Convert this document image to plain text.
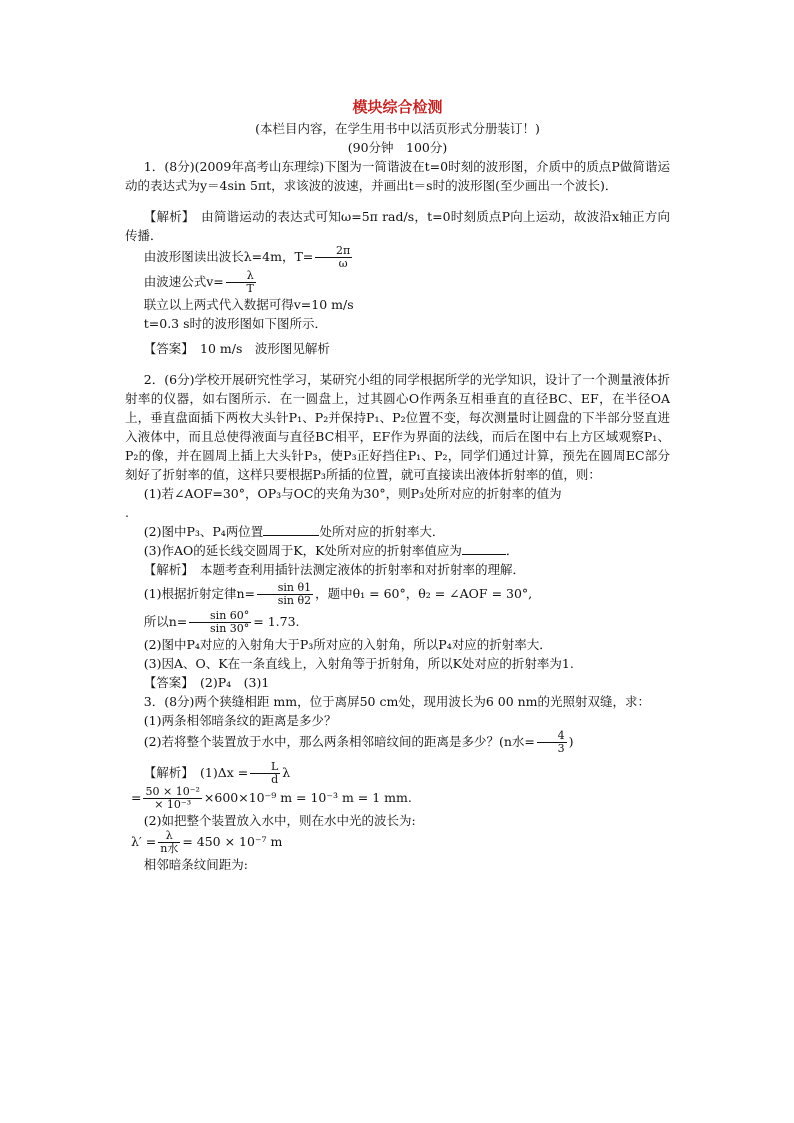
模块综合检测

(本栏目内容，在学生用书中以活页形式分册装订！)

(90分钟　100分)

1．(8分)(2009年高考山东理综)下图为一简谐波在t=0时刻的波形图，介质中的质点P做简谐运动的表达式为y＝4sin 5πt，求该波的波速，并画出t＝s时的波形图(至少画出一个波长)．

【解析】　由简谐运动的表达式可知ω=5π rad/s，t=0时刻质点P向上运动，故波沿x轴正方向传播．

由波形图读出波长λ=4m，$T= \frac{2\pi}{\omega}$

由波速公式$v= \frac{\lambda}{T}$

联立以上两式代入数据可得v=10 m/s

t=0.3 s时的波形图如下图所示．

【答案】　10 m/s　波形图见解析

2．(6分)学校开展研究性学习，某研究小组的同学根据所学的光学知识，设计了一个测量液体折射率的仪器，如右图所示．在一圆盘上，过其圆心O作两条互相垂直的直径BC、EF，在半径OA上，垂直盘面插下两枚大头针P₁、P₂并保持P₁、P₂位置不变，每次测量时让圆盘的下半部分竖直进入液体中，而且总使得液面与直径BC相平，EF作为界面的法线，而后在图中右上方区域观察P₁、P₂的像，并在圆周上插上大头针P₃，使P₃正好挡住P₁、P₂，同学们通过计算，预先在圆周EC部分刻好了折射率的值，这样只要根据P₃所插的位置，就可直接读出液体折射率的值，则：

(1)若∠AOF=30°，OP₃与OC的夹角为30°，则P₃处所对应的折射率的值为

.

(2)图中P₃、P₄两位置	处所对应的折射率大．

(3)作AO的延长线交圆周于K，K处所对应的折射率值应为	．

【解析】　本题考查利用插针法测定液体的折射率和对折射率的理解．

(1)根据折射定律$n= \frac{\text{sin θ1}}{\text{sin θ2}}$ ，题中θ₁ = 60°，θ₂ = ∠AOF = 30°,

所以$n= \frac{\sin 60^\circ}{\sin 30^\circ} = 1.73$.

(2)图中P₄对应的入射角大于P₃所对应的入射角，所以P₄对应的折射率大．

(3)因A、O、K在一条直线上，入射角等于折射角，所以K处对应的折射率为1.

【答案】　(2)P₄　(3)1

3．(8分)两个狭缝相距 mm，位于离屏50 cm处，现用波长为6 00 nm的光照射双缝，求：

(1)两条相邻暗条纹的距离是多少？

(2)若将整个装置放于水中，那么两条相邻暗纹间的距离是多少？(n水= $\frac{4}{3}$ )

【解析】　$(1)\Delta x = \frac{L}{d}$ λ

= $\frac{\text{50 × 10⁻²}}{\text{× 10⁻³}} \times 600\times 10^{-9}$ m = 10⁻³ m = 1 mm.

(2)如把整个装置放入水中，则在水中光的波长为:

$\lambda' = \frac{\lambda}{\text{n水}} = 450 \times 10^{-7}$ m

相邻暗条纹间距为:
